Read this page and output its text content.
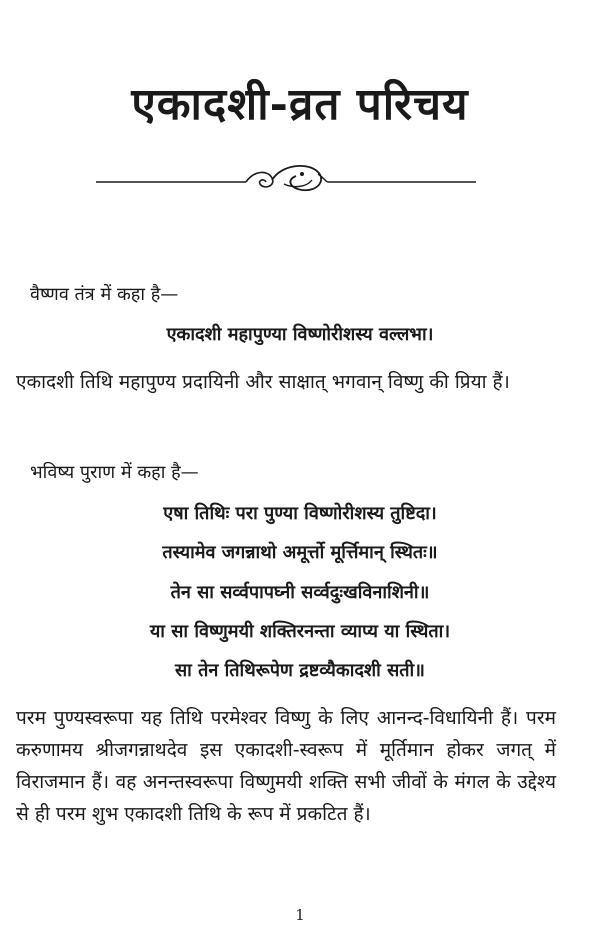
एकादशी-व्रत परिचय
वैष्णव तंत्र में कहा है—
एकादशी महापुण्या विष्णोरीशस्य वल्लभा।
एकादशी तिथि महापुण्य प्रदायिनी और साक्षात् भगवान् विष्णु की प्रिया हैं।
भविष्य पुराण में कहा है—
एषा तिथिः परा पुण्या विष्णोरीशस्य तुष्टिदा।
तस्यामेव जगन्नाथो अमूर्त्तो मूर्त्तिमान् स्थितः॥
तेन सा सर्व्वपापघ्नी सर्व्वदुःखविनाशिनी॥
या सा विष्णुमयी शक्तिरनन्ता व्याप्य या स्थिता।
सा तेन तिथिरूपेण द्रष्टव्यैकादशी सती॥
परम पुण्यस्वरूपा यह तिथि परमेश्वर विष्णु के लिए आनन्द-विधायिनी हैं। परम करुणामय श्रीजगन्नाथदेव इस एकादशी-स्वरूप में मूर्तिमान होकर जगत् में विराजमान हैं। वह अनन्तस्वरूपा विष्णुमयी शक्ति सभी जीवों के मंगल के उद्देश्य से ही परम शुभ एकादशी तिथि के रूप में प्रकटित हैं।
1
